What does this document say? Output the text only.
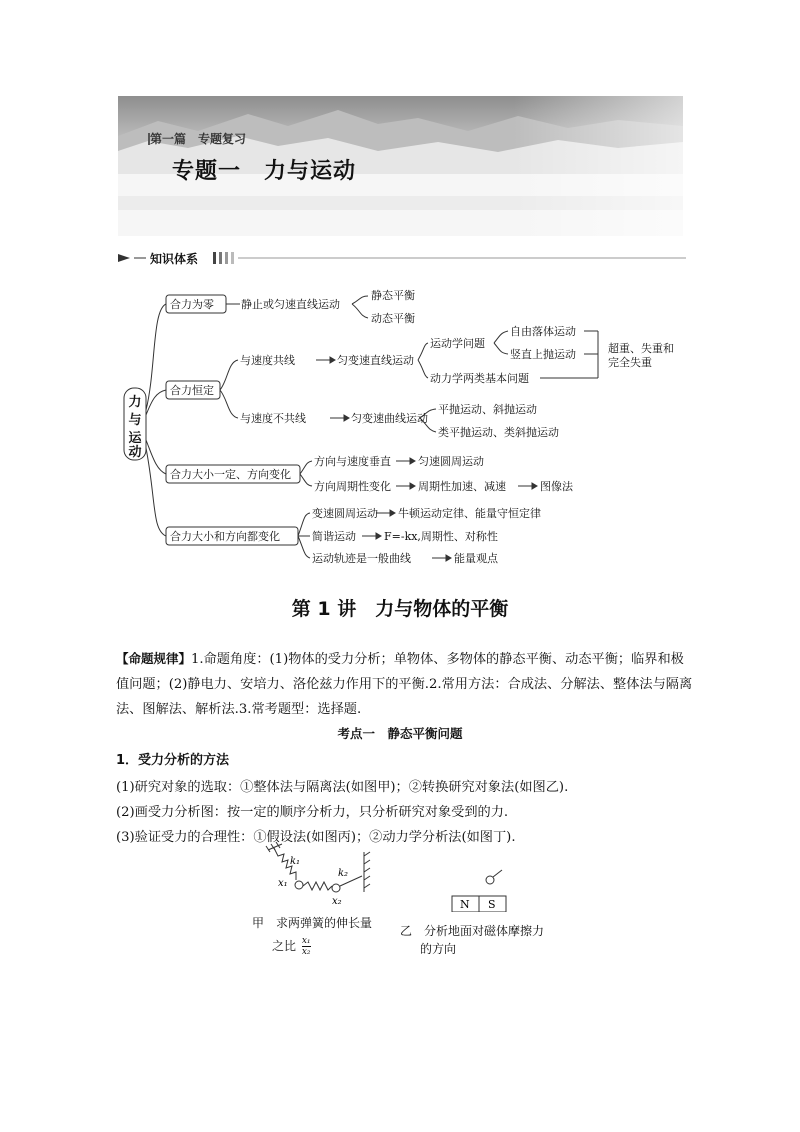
第一篇　专题复习
专题一　力与运动
知识体系
力
与
运
动
合力为零 静止或匀速直线运动
静态平衡
动态平衡
合力恒定
与速度共线	匀变速直线运动
运动学问题
自由落体运动
竖直上抛运动
动力学两类基本问题
超重、失重和
完全失重
与速度不共线	匀变速曲线运动
平抛运动、斜抛运动
类平抛运动、类斜抛运动
合力大小一定、方向变化
方向与速度垂直 匀速圆周运动
方向周期性变化 周期性加速、减速	图像法
合力大小和方向都变化
变速圆周运动 牛顿运动定律、能量守恒定律
简谐运动	F=-kx,周期性、对称性
运动轨迹是一般曲线	能量观点
第 1 讲　力与物体的平衡
【命题规律】1.命题角度：(1)物体的受力分析；单物体、多物体的静态平衡、动态平衡；临界和极值问题；(2)静电力、安培力、洛伦兹力作用下的平衡.2.常用方法：合成法、分解法、整体法与隔离法、图解法、解析法.3.常考题型：选择题.
考点一　静态平衡问题
1．受力分析的方法
(1)研究对象的选取：①整体法与隔离法(如图甲)；②转换研究对象法(如图乙).
(2)画受力分析图：按一定的顺序分析力，只分析研究对象受到的力.
(3)验证受力的合理性：①假设法(如图丙)；②动力学分析法(如图丁).
k₁
x₁
k₂
x₂	N S
甲　求两弹簧的伸长量
之比 $\frac{\text{x₁}}{\text{x₂}}$
乙　分析地面对磁体摩擦力
的方向
